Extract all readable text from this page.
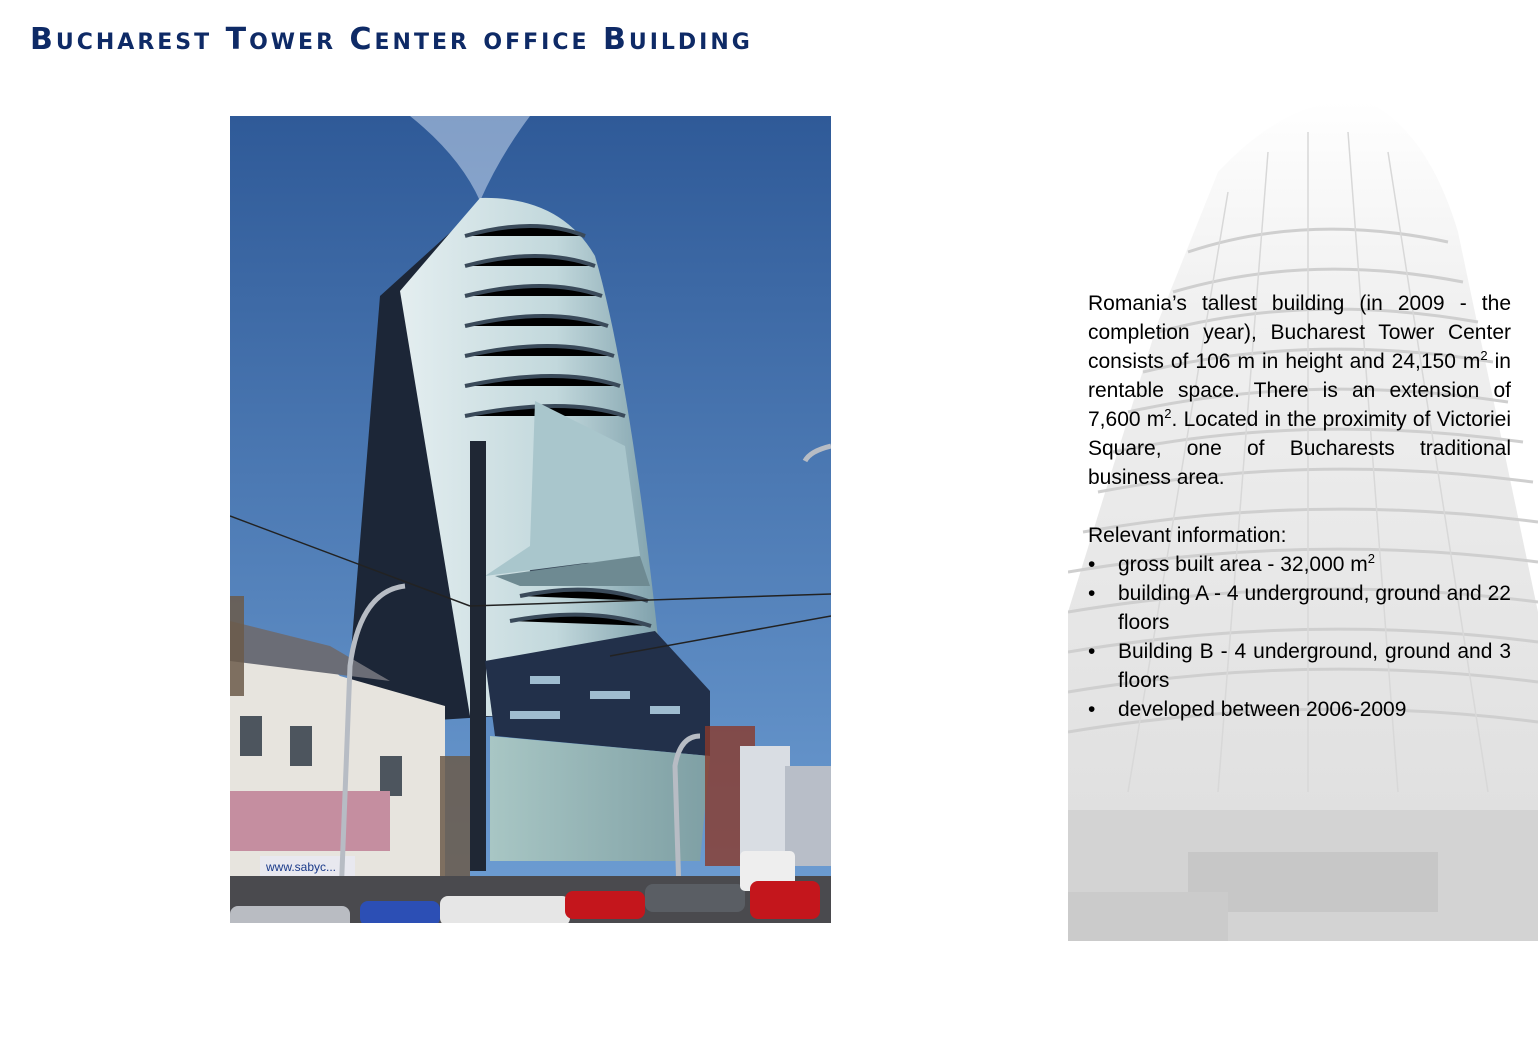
BUCHAREST TOWER CENTER OFFICE BUILDING
www.sabyc...

Romania’s tallest building (in 2009 - the completion year), Bucharest Tower Center consists of 106 m in height and 24,150 $m^2$ in rentable space. There is an extension of 7,600 $m^2$. Located in the proximity of Victoriei Square, one of Bucharests traditional business area.

Relevant information:

• gross built area - 32,000 $m^2$
• building A - 4 underground, ground and 22 floors
• Building B - 4 underground, ground and 3 floors
• developed between 2006-2009
